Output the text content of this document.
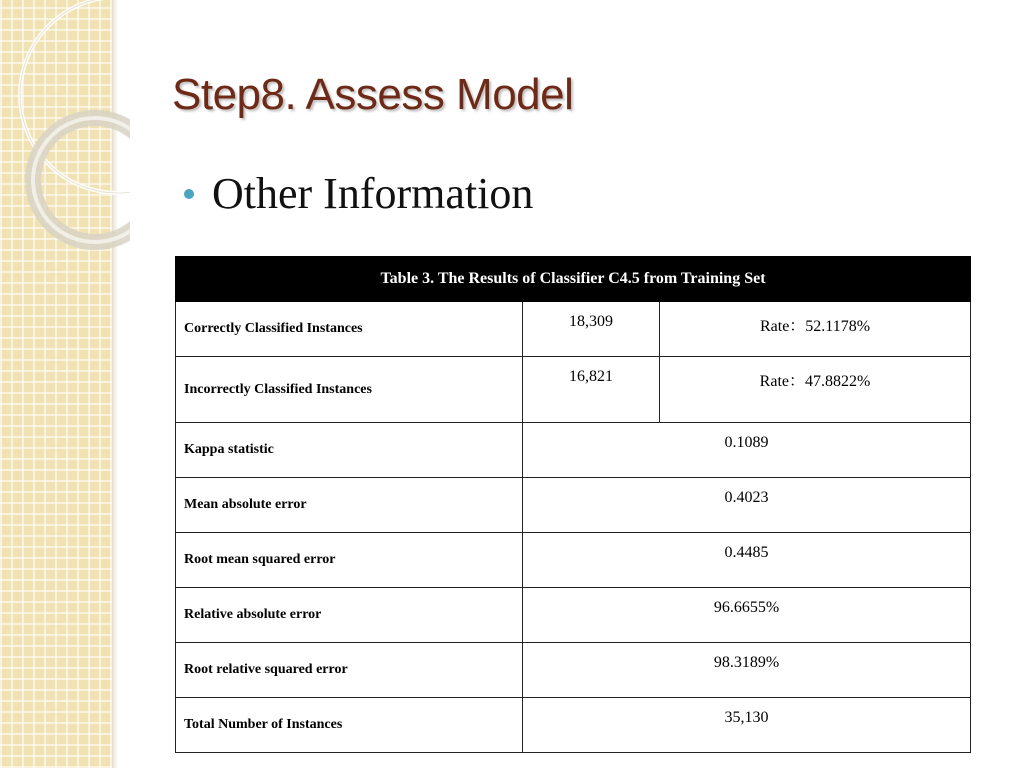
Step8. Assess Model
Other Information
Table 3. The Results of Classifier C4.5 from Training Set		
Correctly Classified Instances	18,309	Rate：52.1178%
Incorrectly Classified Instances	16,821	Rate：47.8822%
Kappa statistic	0.1089	
Mean absolute error	0.4023	
Root mean squared error	0.4485	
Relative absolute error	96.6655%	
Root relative squared error	98.3189%	
Total Number of Instances	35,130	
